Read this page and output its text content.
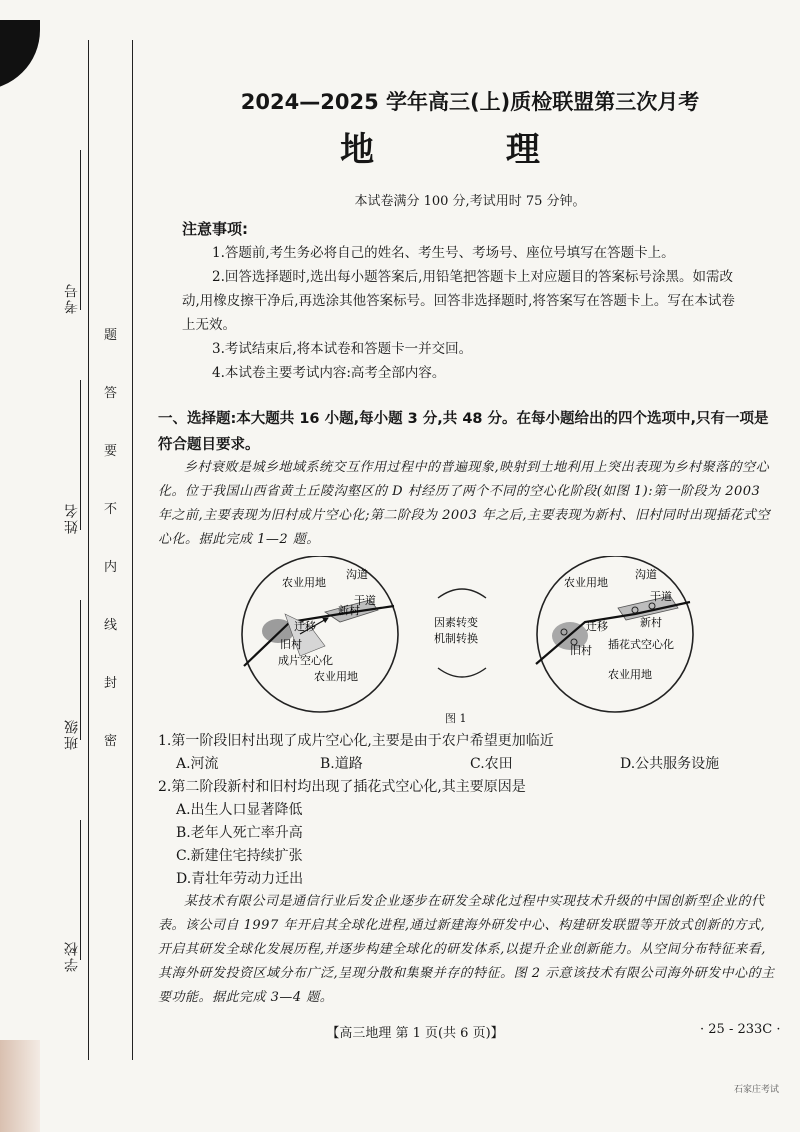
考号
姓名
班级
学校
密
封
线
内
不
要
答
题
2024—2025 学年高三(上)质检联盟第三次月考
地 理
本试卷满分 100 分,考试用时 75 分钟。
注意事项:
1.答题前,考生务必将自己的姓名、考生号、考场号、座位号填写在答题卡上。
2.回答选择题时,选出每小题答案后,用铅笔把答题卡上对应题目的答案标号涂黑。如需改动,用橡皮擦干净后,再选涂其他答案标号。回答非选择题时,将答案写在答题卡上。写在本试卷上无效。
3.考试结束后,将本试卷和答题卡一并交回。
4.本试卷主要考试内容:高考全部内容。
一、选择题:本大题共 16 小题,每小题 3 分,共 48 分。在每小题给出的四个选项中,只有一项是符合题目要求。
乡村衰败是城乡地域系统交互作用过程中的普遍现象,映射到土地利用上突出表现为乡村聚落的空心化。位于我国山西省黄土丘陵沟壑区的 D 村经历了两个不同的空心化阶段(如图 1):第一阶段为 2003 年之前,主要表现为旧村成片空心化;第二阶段为 2003 年之后,主要表现为新村、旧村同时出现插花式空心化。据此完成 1—2 题。
农业用地
沟道
干道
新村
迁移
旧村
成片空心化
农业用地
因素转变
机制转换
农业用地
沟道
干道
新村
迁移
旧村 插花式空心化
农业用地
图 1
1.第一阶段旧村出现了成片空心化,主要是由于农户希望更加临近
A.河流	B.道路	C.农田	D.公共服务设施
2.第二阶段新村和旧村均出现了插花式空心化,其主要原因是
A.出生人口显著降低
B.老年人死亡率升高
C.新建住宅持续扩张
D.青壮年劳动力迁出
某技术有限公司是通信行业后发企业逐步在研发全球化过程中实现技术升级的中国创新型企业的代表。该公司自 1997 年开启其全球化进程,通过新建海外研发中心、构建研发联盟等开放式创新的方式,开启其研发全球化发展历程,并逐步构建全球化的研发体系,以提升企业创新能力。从空间分布特征来看,其海外研发投资区域分布广泛,呈现分散和集聚并存的特征。图 2 示意该技术有限公司海外研发中心的主要功能。据此完成 3—4 题。
【高三地理 第 1 页(共 6 页)】	· 25 - 233C ·
石家庄考试
